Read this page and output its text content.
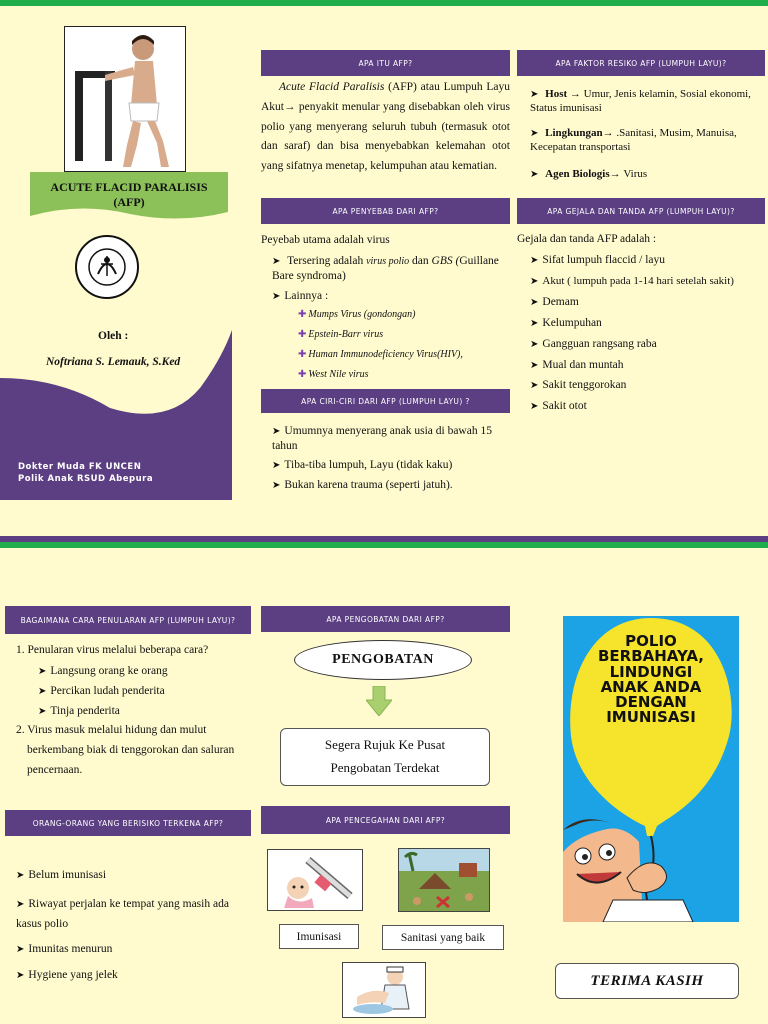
ACUTE FLACID PARALISIS
(AFP)
Oleh :
Noftriana S. Lemauk, S.Ked
Dokter Muda FK UNCEN
Polik Anak RSUD Abepura
APA ITU AFP?
Acute Flacid Paralisis (AFP) atau Lumpuh Layu Akut→ penyakit menular yang disebabkan oleh virus polio yang menyerang seluruh tubuh (termasuk otot dan saraf) dan bisa menyebabkan kelemahan otot yang sifatnya menetap, kelumpuhan atau kematian.
APA PENYEBAB DARI AFP?
Peyebab utama adalah virus
➤ Tersering adalah virus polio dan GBS (Guillane Bare syndroma)
➤ Lainnya :
✚ Mumps Virus (gondongan)
✚ Epstein-Barr virus
✚ Human Immunodeficiency Virus(HIV),
✚ West Nile virus
APA CIRI-CIRI DARI AFP (LUMPUH LAYU) ?
➤ Umumnya menyerang anak usia di bawah 15 tahun
➤ Tiba-tiba lumpuh, Layu (tidak kaku)
➤ Bukan karena trauma (seperti jatuh).
APA FAKTOR RESIKO AFP (LUMPUH LAYU)?
➤ Host → Umur, Jenis kelamin, Sosial ekonomi, Status imunisasi
➤ Lingkungan→ .Sanitasi, Musim, Manuisa, Kecepatan transportasi
➤ Agen Biologis→ Virus
APA GEJALA DAN TANDA AFP (LUMPUH LAYU)?
Gejala dan tanda AFP adalah :
➤ Sifat lumpuh flaccid / layu
➤ Akut ( lumpuh pada 1-14 hari setelah sakit)
➤ Demam
➤ Kelumpuhan
➤ Gangguan rangsang raba
➤ Mual dan muntah
➤ Sakit tenggorokan
➤ Sakit otot
BAGAIMANA CARA PENULARAN AFP (LUMPUH LAYU)?
1. Penularan virus melalui beberapa cara?
➤ Langsung orang ke orang
➤ Percikan ludah penderita
➤ Tinja penderita
2. Virus masuk melalui hidung dan mulut
berkembang biak di tenggorokan dan saluran
pencernaan.
ORANG-ORANG YANG BERISIKO TERKENA AFP?
➤ Belum imunisasi
➤ Riwayat perjalan ke tempat yang masih ada kasus polio
➤ Imunitas menurun
➤ Hygiene yang jelek
APA PENGOBATAN DARI AFP?
PENGOBATAN
Segera Rujuk Ke Pusat
Pengobatan Terdekat
APA PENCEGAHAN DARI AFP?
Imunisasi	Sanitasi yang baik
POLIO
BERBAHAYA,
LINDUNGI
ANAK ANDA
DENGAN
IMUNISASI
TERIMA KASIH
